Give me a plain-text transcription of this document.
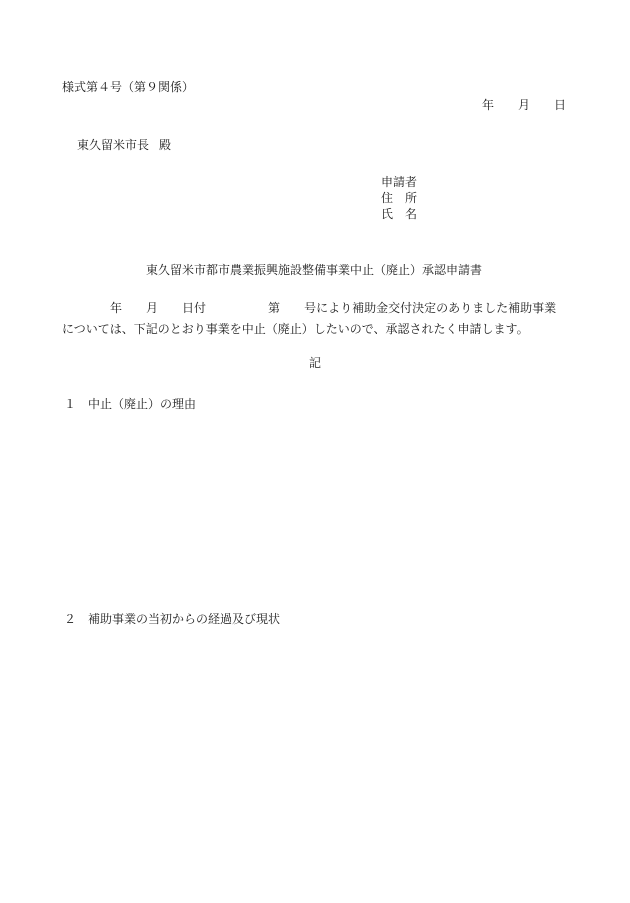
様式第４号（第９関係）
年 月 日
東久留米市長 殿
申請者
住　所
氏　名
東久留米市都市農業振興施設整備事業中止（廃止）承認申請書
年 月 日付	第 号により補助金交付決定のありました補助事業
については、下記のとおり事業を中止（廃止）したいので、承認されたく申請します。
記
１ 中止（廃止）の理由
２ 補助事業の当初からの経過及び現状
